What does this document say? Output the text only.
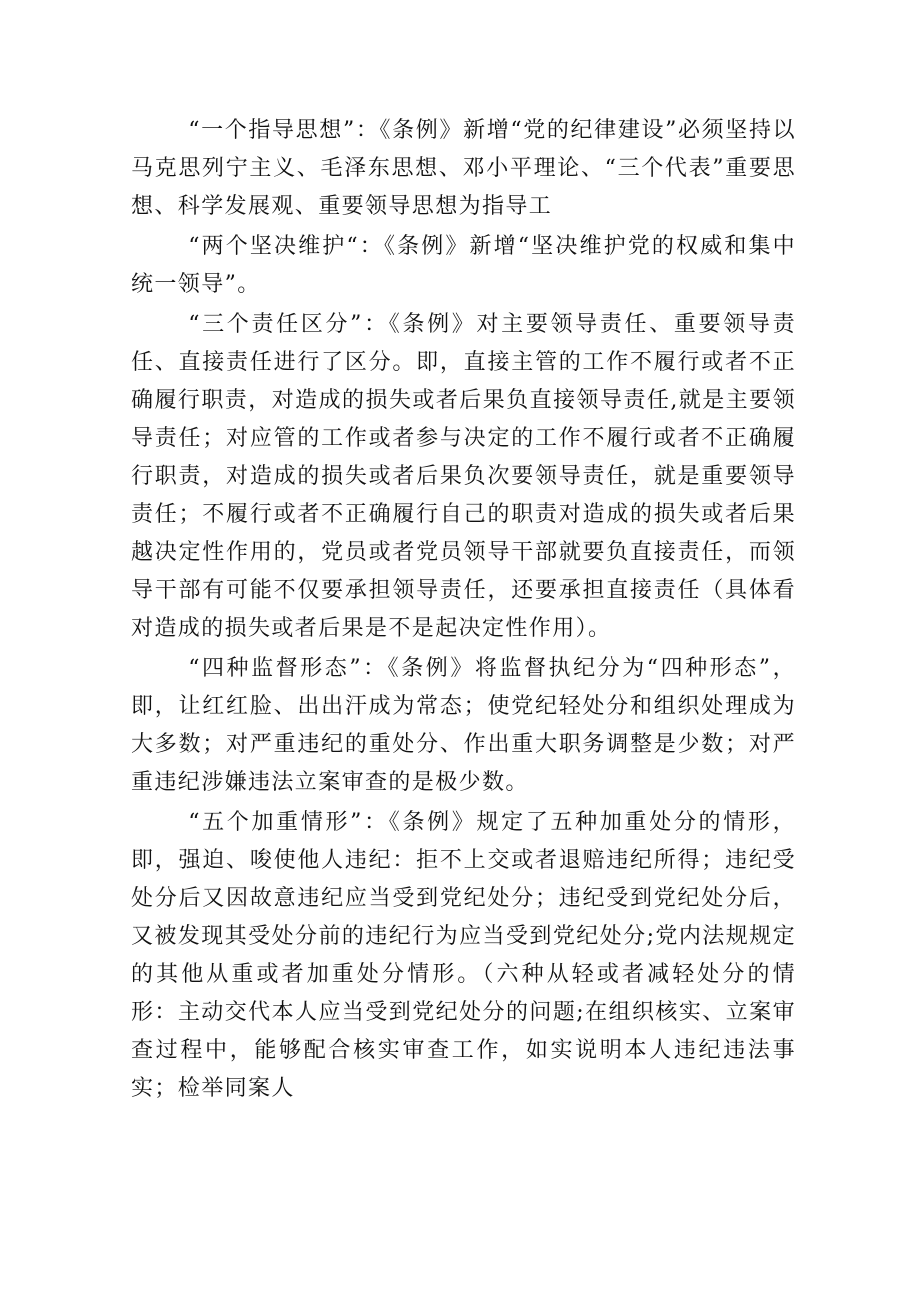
“一个指导思想”：《条例》新增“党的纪律建设”必须坚持以马克思列宁主义、毛泽东思想、邓小平理论、“三个代表”重要思想、科学发展观、重要领导思想为指导工

“两个坚决维护“：《条例》新增“坚决维护党的权威和集中统一领导”。

“三个责任区分”：《条例》对主要领导责任、重要领导责任、直接责任进行了区分。即，直接主管的工作不履行或者不正确履行职责，对造成的损失或者后果负直接领导责任,就是主要领导责任；对应管的工作或者参与决定的工作不履行或者不正确履行职责，对造成的损失或者后果负次要领导责任，就是重要领导责任；不履行或者不正确履行自己的职责对造成的损失或者后果越决定性作用的，党员或者党员领导干部就要负直接责任，而领导干部有可能不仅要承担领导责任，还要承担直接责任（具体看对造成的损失或者后果是不是起决定性作用）。

“四种监督形态”：《条例》将监督执纪分为“四种形态”，即，让红红脸、出出汗成为常态；使党纪轻处分和组织处理成为大多数；对严重违纪的重处分、作出重大职务调整是少数；对严重违纪涉嫌违法立案审查的是极少数。

“五个加重情形”：《条例》规定了五种加重处分的情形，即，强迫、唆使他人违纪：拒不上交或者退赔违纪所得；违纪受处分后又因故意违纪应当受到党纪处分；违纪受到党纪处分后，又被发现其受处分前的违纪行为应当受到党纪处分;党内法规规定的其他从重或者加重处分情形。（六种从轻或者减轻处分的情形：主动交代本人应当受到党纪处分的问题;在组织核实、立案审查过程中，能够配合核实审查工作，如实说明本人违纪违法事实；检举同案人
